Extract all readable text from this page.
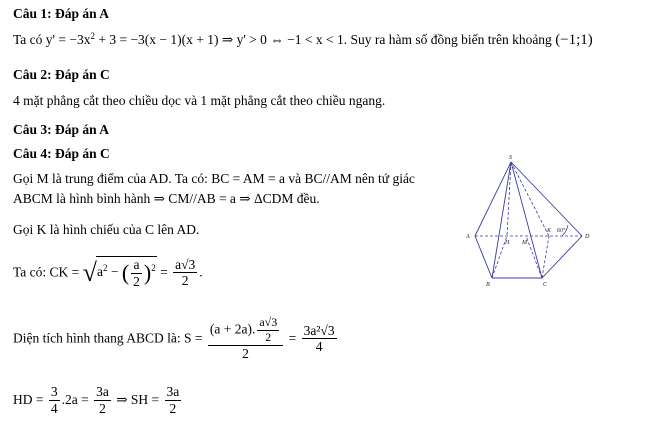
Câu 1: Đáp án A
Ta có $y' = -3x^2 + 3 = -3(x - 1)(x + 1)$ ⇒ y' > 0 ⇔ −1 < x < 1. Suy ra hàm số đồng biến trên khoảng (−1;1)
Câu 2: Đáp án C
4 mặt phẳng cắt theo chiều dọc và 1 mặt phẳng cắt theo chiều ngang.
Câu 3: Đáp án A
Câu 4: Đáp án C
Gọi M là trung điểm của AD. Ta có: BC = AM = a và BC//AM nên tứ giác
ABCM là hình bình hành ⇒ CM//AB = a ⇒ ΔCDM đều.
Gọi K là hình chiếu của C lên AD.
Ta có: CK = $√a^2$ − ( $\frac{a}{2} )^2 = \frac{a√3}{2}$ .
Diện tích hình thang ABCD là: $S = \frac{(a + 2a). \frac{a√3}{2}}{2} = \frac{\text{3a²√3}}{4}$
HD = $\frac{3}{4} .2a = \frac{3a}{2}$ ⇒ SH = $\frac{3a}{2}$
S
A
B	C
D
H M
K 60°
